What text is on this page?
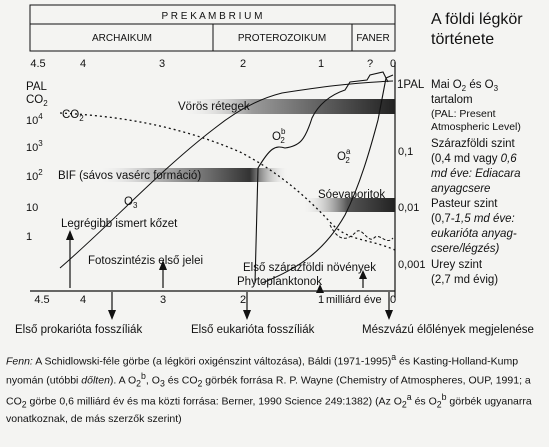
P R E K A M B R I U M
ARCHAIKUM	PROTEROZOIKUM	FANER
A földi légkör
története
4.5	4	3	2	1	? 0
PAL
$CO_2$
$10^4$
$10^3$
$10^2$
10
1
1PAL
0,1
0,01
0,001
Vörös rétegek
BIF (sávos vasérc formáció)
Sóevaporitok
$CO_2$
$O_3$
$O^b$ 2
$O^a$ 2
Legrégibb ismert kőzet
Fotoszintézis első jelei
Első szárazföldi növények
Phytoplanktonok
4.5	4	3	2	1 milliárd éve 0
Első prokarióta fosszíliák	Első eukarióta fosszíliák	Mészvázú élőlények megjelenése
Mai $O_2$ és $O_3$
tartalom
(PAL: Present
Atmospheric Level)
Szárazföldi szint
(0,4 md vagy 0,6
md éve: Ediacara
anyagcsere
Pasteur szint
(0,7-1,5 md éve:
eukarióta anyag-
csere/légzés)
Urey szint
(2,7 md évig)
Fenn: A Schidlowski-féle görbe (a légköri oxigénszint változása), Báldi (1971-1995)$^a$ és Kasting-Holland-Kump nyomán (utóbbi dőlten). A $O_2^b$, $O_3$ és $CO_2$ görbék forrása R. P. Wayne (Chemistry of Atmospheres, OUP, 1991; a $CO_2$ görbe 0,6 milliárd év és ma közti forrása: Berner, 1990 Science 249:1382) (Az $O_2^a$ és $O_2^b$ görbék ugyanarra vonatkoznak, de más szerzők szerint)
